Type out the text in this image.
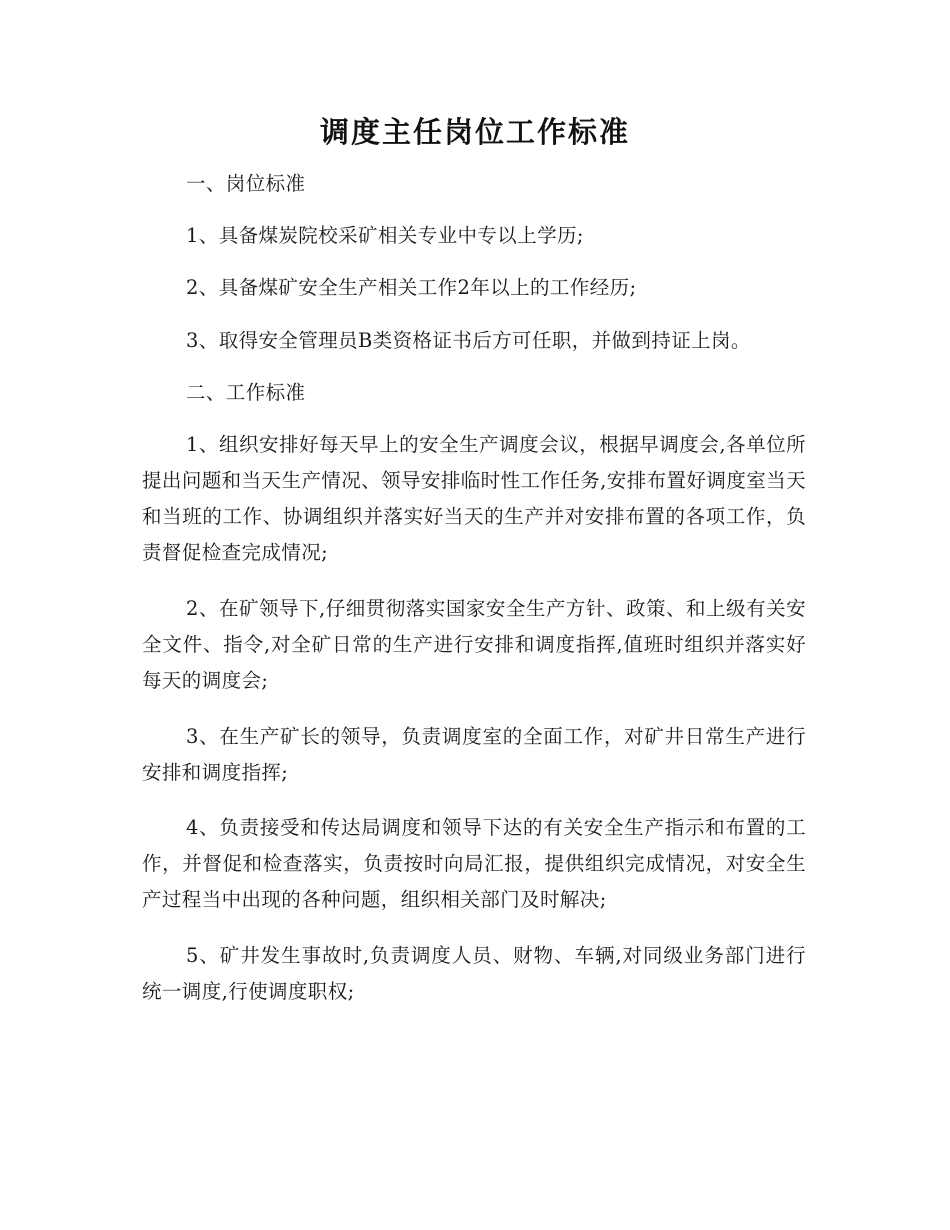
调度主任岗位工作标准

一、岗位标准

1、具备煤炭院校采矿相关专业中专以上学历;

2、具备煤矿安全生产相关工作2年以上的工作经历;

3、取得安全管理员B类资格证书后方可任职，并做到持证上岗。

二、工作标准

1、组织安排好每天早上的安全生产调度会议，根据早调度会,各单位所提出问题和当天生产情况、领导安排临时性工作任务,安排布置好调度室当天和当班的工作、协调组织并落实好当天的生产并对安排布置的各项工作，负责督促检查完成情况;

2、在矿领导下,仔细贯彻落实国家安全生产方针、政策、和上级有关安全文件、指令,对全矿日常的生产进行安排和调度指挥,值班时组织并落实好每天的调度会;

3、在生产矿长的领导，负责调度室的全面工作，对矿井日常生产进行安排和调度指挥;

4、负责接受和传达局调度和领导下达的有关安全生产指示和布置的工作，并督促和检查落实，负责按时向局汇报，提供组织完成情况，对安全生产过程当中出现的各种问题，组织相关部门及时解决;

5、矿井发生事故时,负责调度人员、财物、车辆,对同级业务部门进行统一调度,行使调度职权;
